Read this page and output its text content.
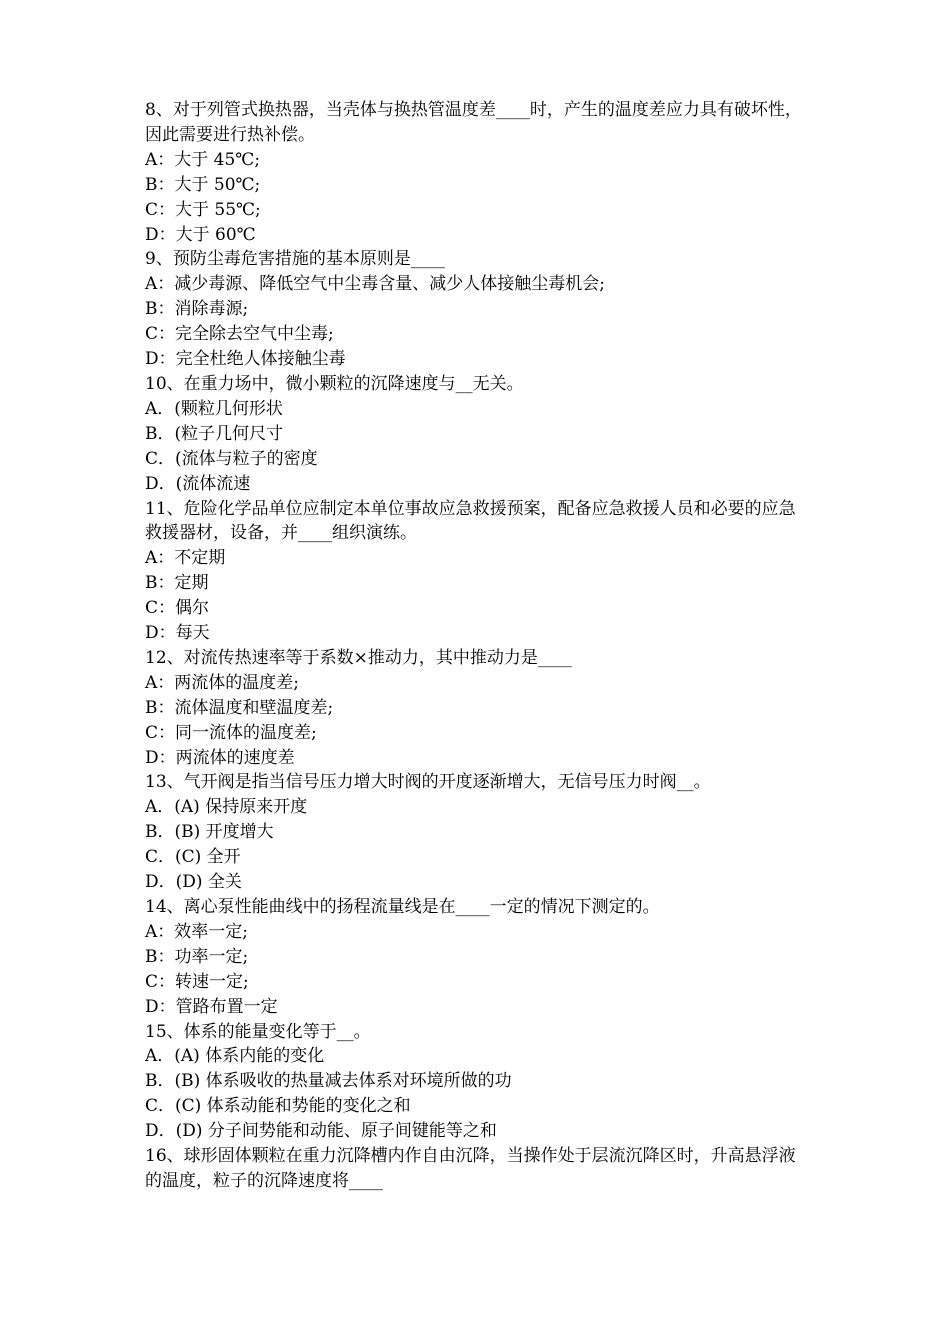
8、对于列管式换热器，当壳体与换热管温度差____时，产生的温度差应力具有破坏性，因此需要进行热补偿。

A：大于 45℃;

B：大于 50℃;

C：大于 55℃;

D：大于 60℃

9、预防尘毒危害措施的基本原则是____

A：减少毒源、降低空气中尘毒含量、减少人体接触尘毒机会;

B：消除毒源;

C：完全除去空气中尘毒;

D：完全杜绝人体接触尘毒

10、在重力场中，微小颗粒的沉降速度与__无关。

A．(颗粒几何形状

B．(粒子几何尺寸

C．(流体与粒子的密度

D．(流体流速

11、危险化学品单位应制定本单位事故应急救援预案，配备应急救援人员和必要的应急救援器材，设备，并____组织演练。

A：不定期

B：定期

C：偶尔

D：每天

12、对流传热速率等于系数×推动力，其中推动力是____

A：两流体的温度差;

B：流体温度和壁温度差;

C：同一流体的温度差;

D：两流体的速度差

13、气开阀是指当信号压力增大时阀的开度逐渐增大，无信号压力时阀__。

A．(A) 保持原来开度

B．(B) 开度增大

C．(C) 全开

D．(D) 全关

14、离心泵性能曲线中的扬程流量线是在____一定的情况下测定的。

A：效率一定;

B：功率一定;

C：转速一定;

D：管路布置一定

15、体系的能量变化等于__。

A．(A) 体系内能的变化

B．(B) 体系吸收的热量减去体系对环境所做的功

C．(C) 体系动能和势能的变化之和

D．(D) 分子间势能和动能、原子间键能等之和

16、球形固体颗粒在重力沉降槽内作自由沉降，当操作处于层流沉降区时，升高悬浮液的温度，粒子的沉降速度将____
